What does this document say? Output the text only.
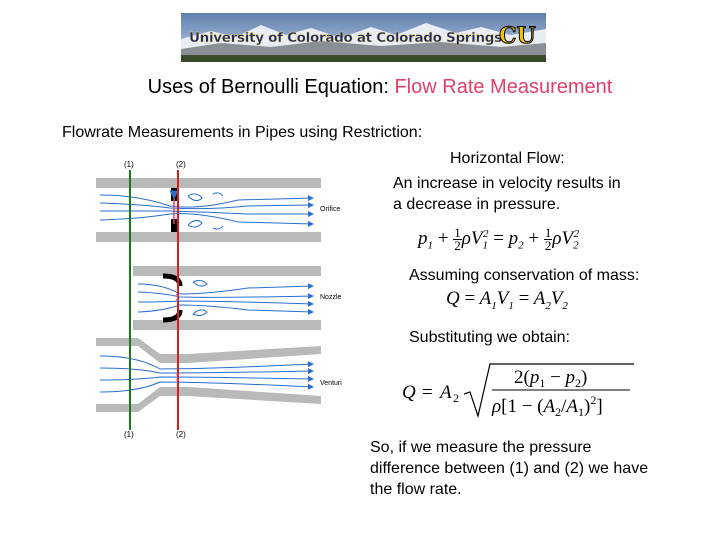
University of Colorado at Colorado Springs
CU
Uses of Bernoulli Equation: Flow Rate Measurement
Flowrate Measurements in Pipes using Restriction:
Horizontal Flow:
An increase in velocity results in
a decrease in pressure.
$p_1 + \frac{1}{2} \rho V_1^2 = p_2 + \frac{1}{2} \rho V_2^2$
Assuming conservation of mass:
$Q = A_1V_1 = A_2V_2$
Substituting we obtain:
Q = A 2
$2(p_1 - p_2)$
$\rho[1 - (A_2/A_1)^2]$
So, if we measure the pressure
difference between (1) and (2) we have
the flow rate.
(1)	(2)
(1)	(2)
Orifice
Nozzle
Venturi
↕
↕
